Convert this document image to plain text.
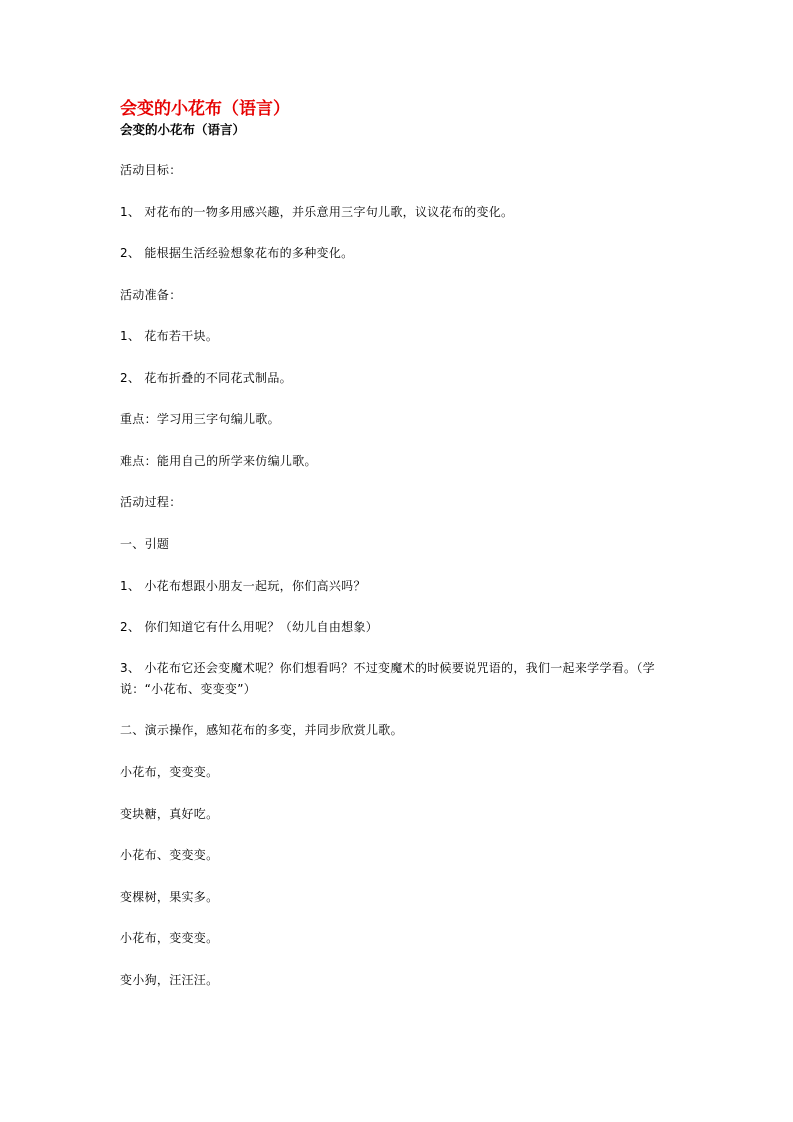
会变的小花布（语言）
会变的小花布（语言）
活动目标：
1、 对花布的一物多用感兴趣，并乐意用三字句儿歌，议议花布的变化。
2、 能根据生活经验想象花布的多种变化。
活动准备：
1、 花布若干块。
2、 花布折叠的不同花式制品。
重点：学习用三字句编儿歌。
难点：能用自己的所学来仿编儿歌。
活动过程：
一、引题
1、 小花布想跟小朋友一起玩，你们高兴吗？
2、 你们知道它有什么用呢？（幼儿自由想象）
3、 小花布它还会变魔术呢？你们想看吗？不过变魔术的时候要说咒语的，我们一起来学学看。（学说：“小花布、变变变”）
二、演示操作，感知花布的多变，并同步欣赏儿歌。
小花布，变变变。
变块糖，真好吃。
小花布、变变变。
变棵树，果实多。
小花布，变变变。
变小狗，汪汪汪。
